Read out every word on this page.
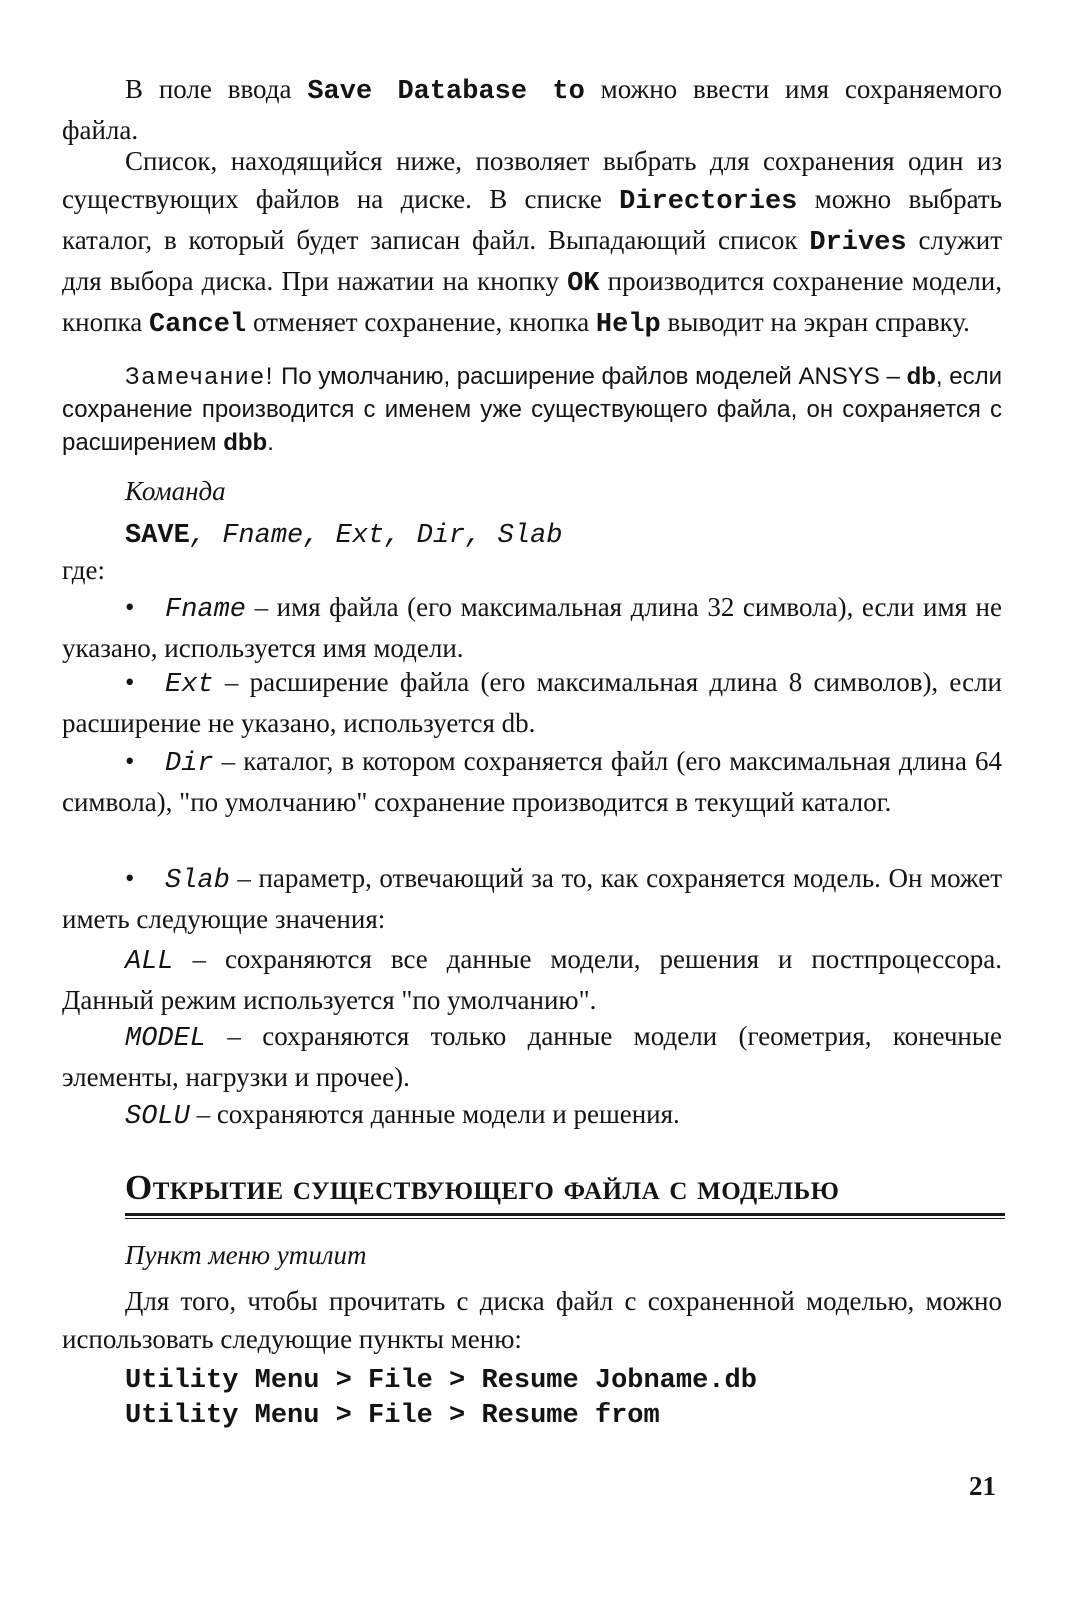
В поле ввода Save Database to можно ввести имя сохраняемого файла.

Список, находящийся ниже, позволяет выбрать для сохранения один из существующих файлов на диске. В списке Directories можно выбрать каталог, в который будет записан файл. Выпадающий список Drives служит для выбора диска. При нажатии на кнопку OK производится сохранение модели, кнопка Cancel отменяет сохранение, кнопка Help выводит на экран справку.

Замечание! По умолчанию, расширение файлов моделей ANSYS – db, если сохранение производится с именем уже существующего файла, он сохраняется с расширением dbb.

Команда

SAVE, Fname, Ext, Dir, Slab

где:

• Fname – имя файла (его максимальная длина 32 символа), если имя не указано, используется имя модели.

• Ext – расширение файла (его максимальная длина 8 символов), если расширение не указано, используется db.

• Dir – каталог, в котором сохраняется файл (его максимальная длина 64 символа), "по умолчанию" сохранение производится в текущий каталог.

• Slab – параметр, отвечающий за то, как сохраняется модель. Он может иметь следующие значения:

ALL – сохраняются все данные модели, решения и постпроцессора. Данный режим используется "по умолчанию".

MODEL – сохраняются только данные модели (геометрия, конечные элементы, нагрузки и прочее).

SOLU – сохраняются данные модели и решения.

Открытие существующего файла с моделью

Пункт меню утилит

Для того, чтобы прочитать с диска файл с сохраненной моделью, можно использовать следующие пункты меню:

Utility Menu > File > Resume Jobname.db

Utility Menu > File > Resume from

21
